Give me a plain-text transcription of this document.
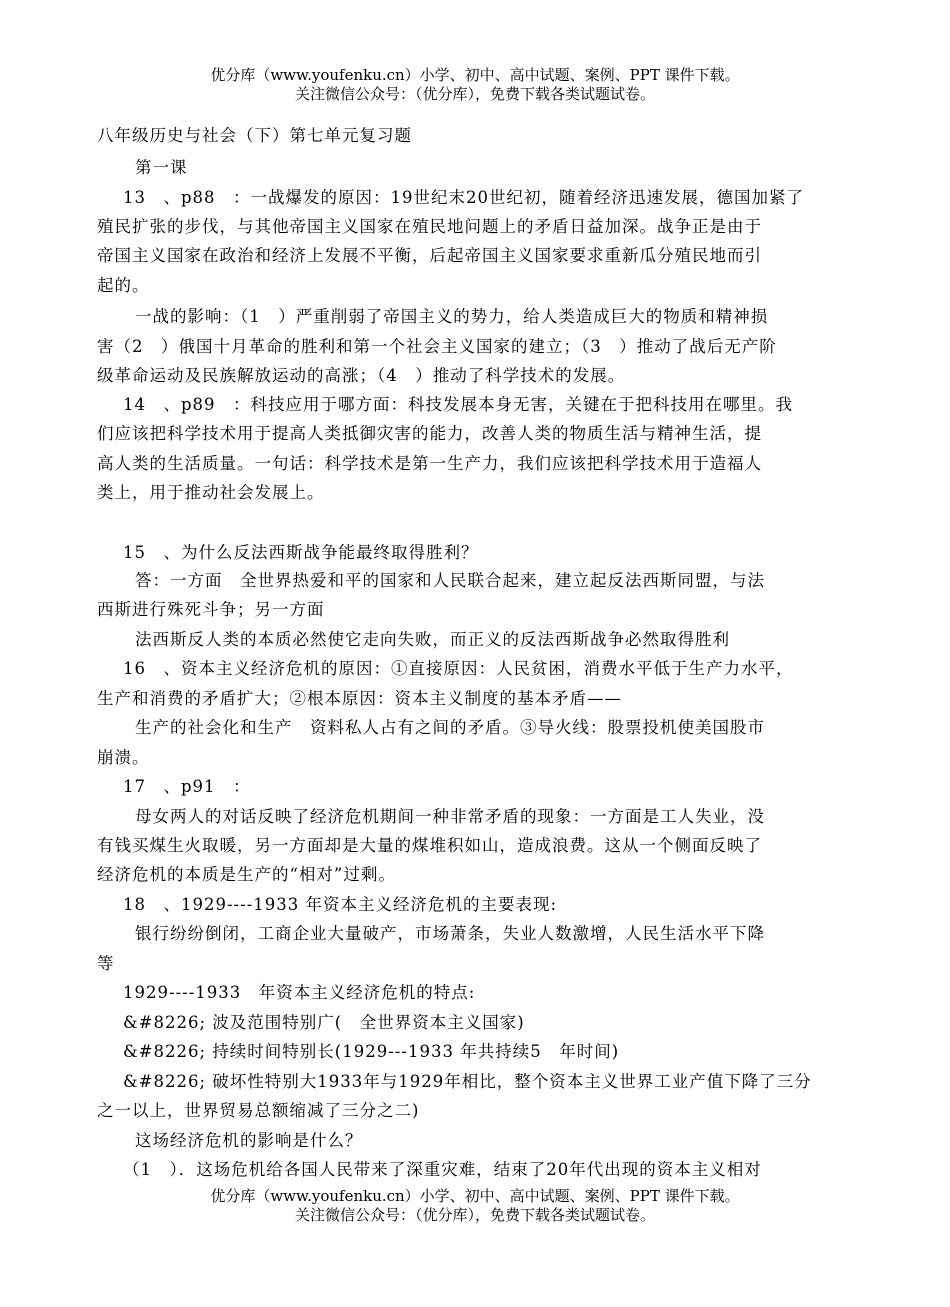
优分库（www.youfenku.cn）小学、初中、高中试题、案例、PPT 课件下载。
关注微信公众号：（优分库），免费下载各类试题试卷。
八年级历史与社会（下）第七单元复习题
第一课
13　、p88　：一战爆发的原因：19世纪末20世纪初，随着经济迅速发展，德国加紧了
殖民扩张的步伐，与其他帝国主义国家在殖民地问题上的矛盾日益加深。战争正是由于
帝国主义国家在政治和经济上发展不平衡，后起帝国主义国家要求重新瓜分殖民地而引
起的。
一战的影响：（1　）严重削弱了帝国主义的势力，给人类造成巨大的物质和精神损
害（2　）俄国十月革命的胜利和第一个社会主义国家的建立；（3　）推动了战后无产阶
级革命运动及民族解放运动的高涨；（4　）推动了科学技术的发展。
14　、p89　：科技应用于哪方面：科技发展本身无害，关键在于把科技用在哪里。我
们应该把科学技术用于提高人类抵御灾害的能力，改善人类的物质生活与精神生活，提
高人类的生活质量。一句话：科学技术是第一生产力，我们应该把科学技术用于造福人
类上，用于推动社会发展上。
15　、为什么反法西斯战争能最终取得胜利？
答：一方面　全世界热爱和平的国家和人民联合起来，建立起反法西斯同盟，与法
西斯进行殊死斗争；另一方面
法西斯反人类的本质必然使它走向失败，而正义的反法西斯战争必然取得胜利
16　、资本主义经济危机的原因：①直接原因：人民贫困，消费水平低于生产力水平，
生产和消费的矛盾扩大；②根本原因：资本主义制度的基本矛盾——
生产的社会化和生产　资料私人占有之间的矛盾。③导火线：股票投机使美国股市
崩溃。
17　、p91　：
母女两人的对话反映了经济危机期间一种非常矛盾的现象：一方面是工人失业，没
有钱买煤生火取暖，另一方面却是大量的煤堆积如山，造成浪费。这从一个侧面反映了
经济危机的本质是生产的“相对”过剩。
18　、1929----1933 年资本主义经济危机的主要表现:
银行纷纷倒闭，工商企业大量破产，市场萧条，失业人数激增，人民生活水平下降
等
1929----1933　年资本主义经济危机的特点:
&#8226; 波及范围特别广(　全世界资本主义国家)
&#8226; 持续时间特别长(1929---1933 年共持续5　年时间)
&#8226; 破坏性特别大1933年与1929年相比，整个资本主义世界工业产值下降了三分
之一以上，世界贸易总额缩减了三分之二)
这场经济危机的影响是什么？
（1　）．这场危机给各国人民带来了深重灾难，结束了20年代出现的资本主义相对
优分库（www.youfenku.cn）小学、初中、高中试题、案例、PPT 课件下载。
关注微信公众号：（优分库），免费下载各类试题试卷。
